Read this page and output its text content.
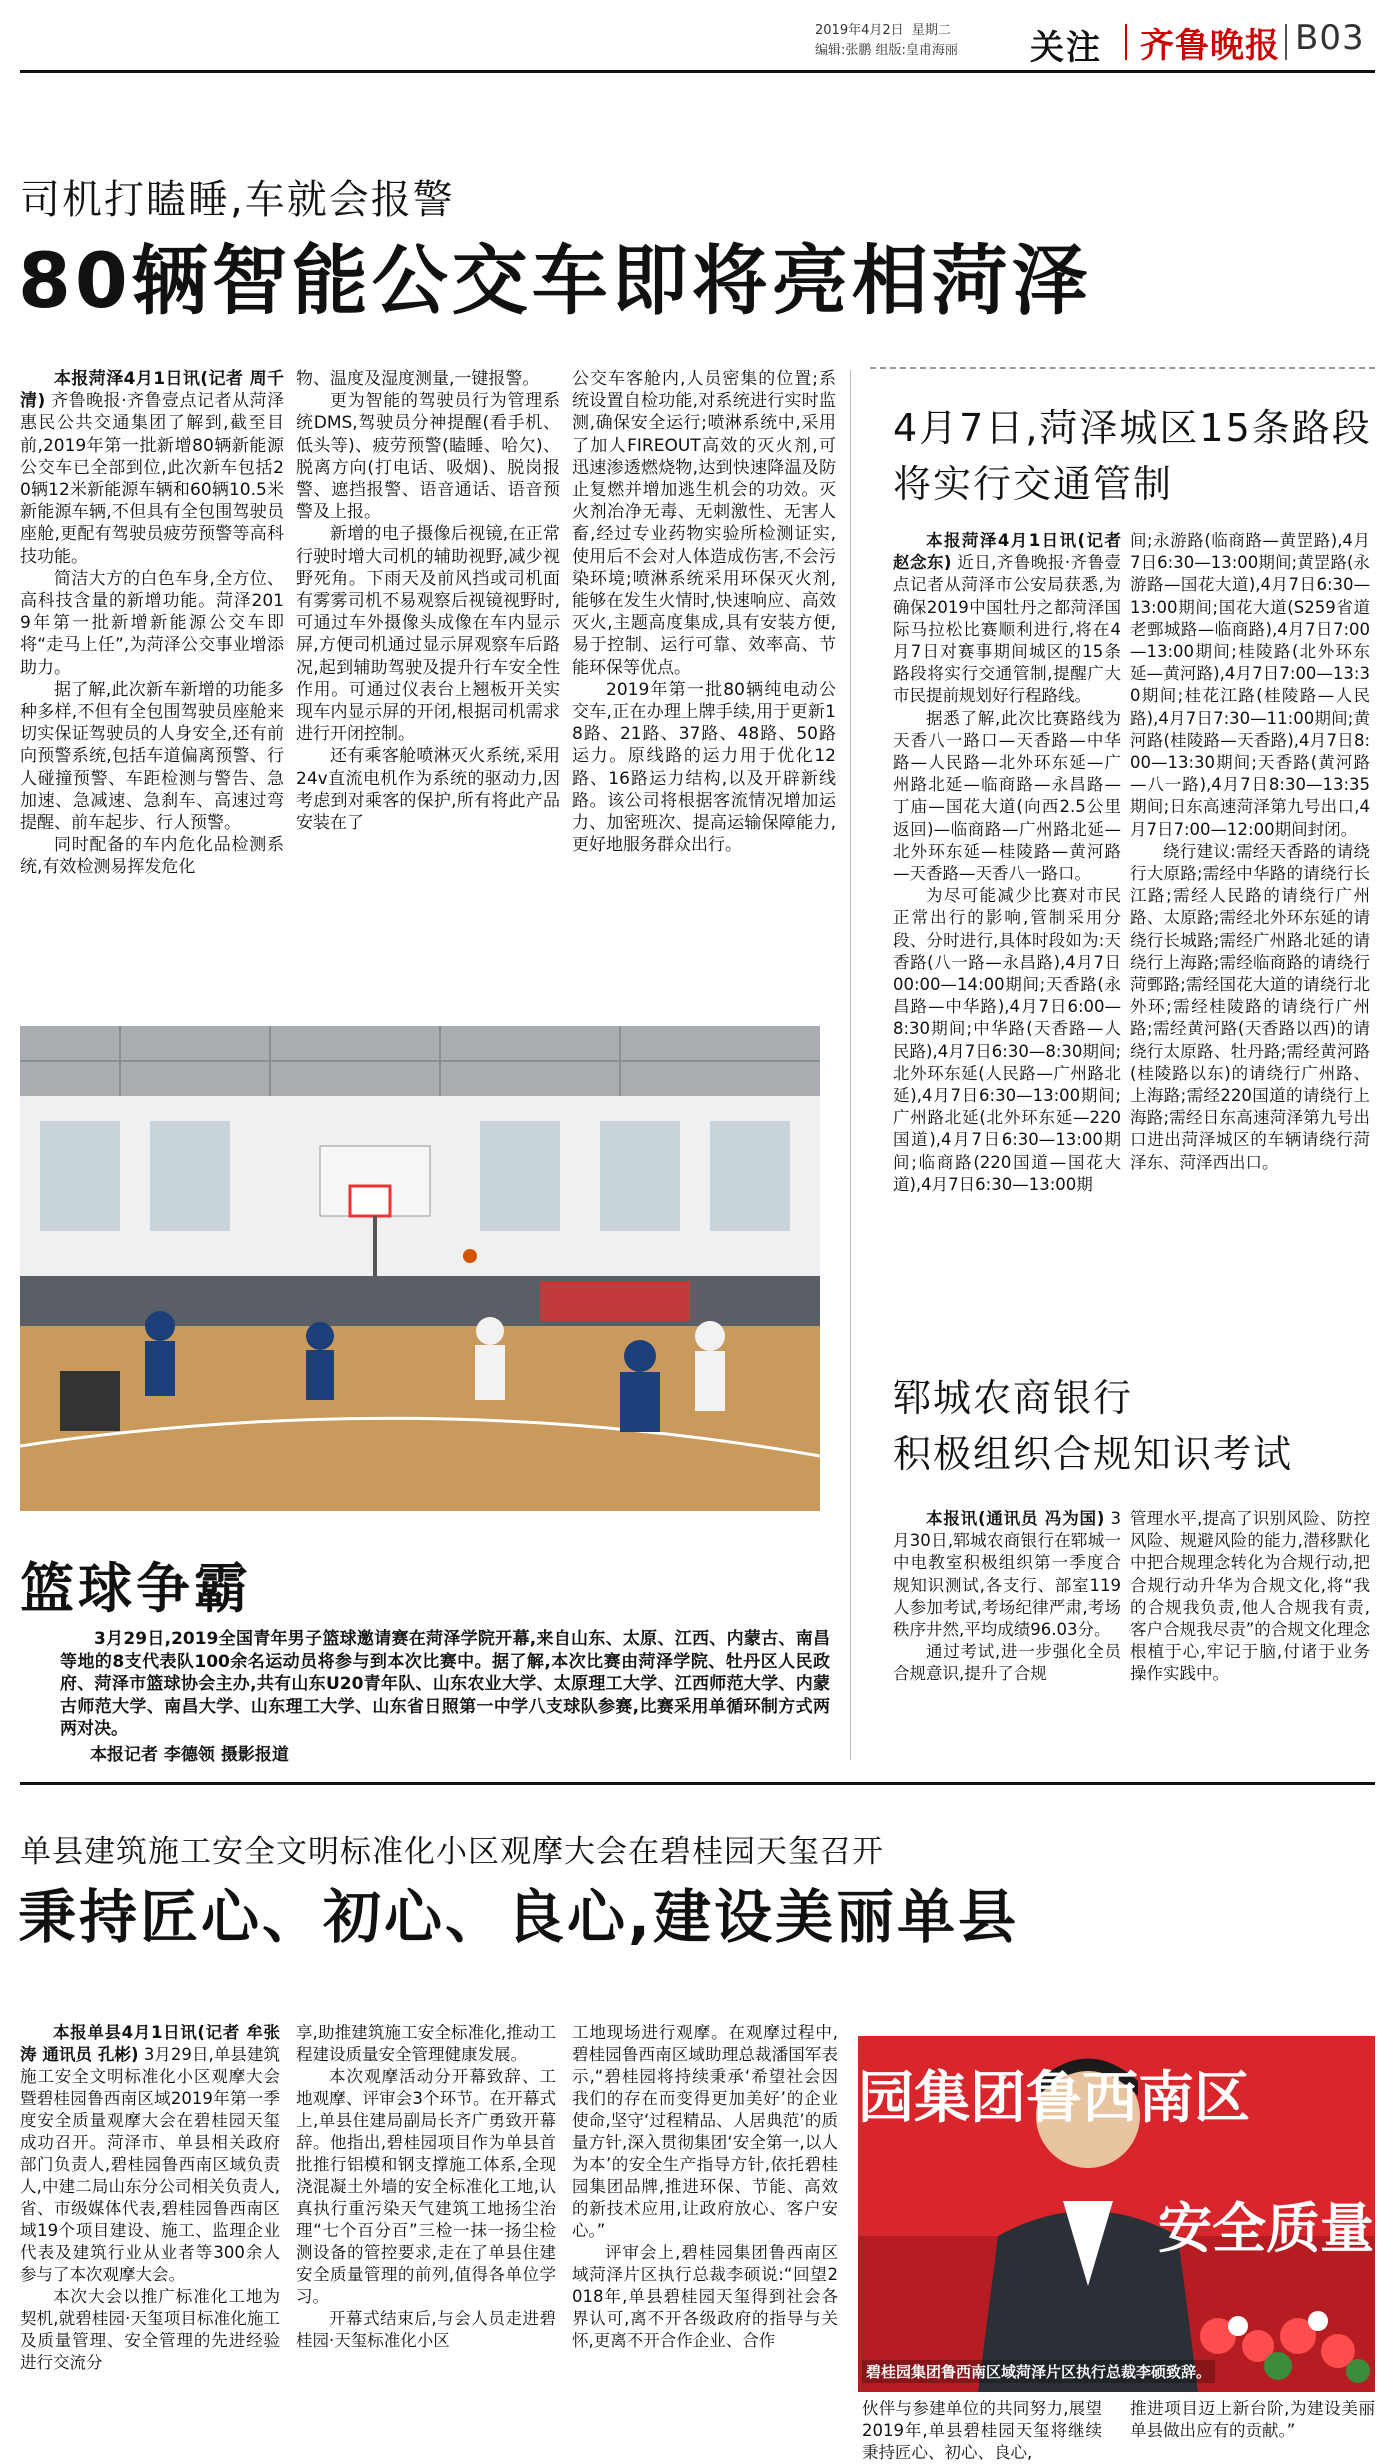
2019年4月2日 星期二
编辑:张鹏 组版:皇甫海丽 关注 齐鲁晚报 B03
司机打瞌睡,车就会报警
80辆智能公交车即将亮相菏泽

本报菏泽4月1日讯(记者 周千清) 齐鲁晚报·齐鲁壹点记者从菏泽惠民公共交通集团了解到,截至目前,2019年第一批新增80辆新能源公交车已全部到位,此次新车包括20辆12米新能源车辆和60辆10.5米新能源车辆,不但具有全包围驾驶员座舱,更配有驾驶员疲劳预警等高科技功能。

简洁大方的白色车身,全方位、高科技含量的新增功能。菏泽2019年第一批新增新能源公交车即将“走马上任”,为菏泽公交事业增添助力。

据了解,此次新车新增的功能多种多样,不但有全包围驾驶员座舱来切实保证驾驶员的人身安全,还有前向预警系统,包括车道偏离预警、行人碰撞预警、车距检测与警告、急加速、急减速、急刹车、高速过弯提醒、前车起步、行人预警。

同时配备的车内危化品检测系统,有效检测易挥发危化

物、温度及湿度测量,一键报警。

更为智能的驾驶员行为管理系统DMS,驾驶员分神提醒(看手机、低头等)、疲劳预警(瞌睡、哈欠)、脱离方向(打电话、吸烟)、脱岗报警、遮挡报警、语音通话、语音预警及上报。

新增的电子摄像后视镜,在正常行驶时增大司机的辅助视野,减少视野死角。下雨天及前风挡或司机面有雾雾司机不易观察后视镜视野时,可通过车外摄像头成像在车内显示屏,方便司机通过显示屏观察车后路况,起到辅助驾驶及提升行车安全性作用。可通过仪表台上翘板开关实现车内显示屏的开闭,根据司机需求进行开闭控制。

还有乘客舱喷淋灭火系统,采用24v直流电机作为系统的驱动力,因考虑到对乘客的保护,所有将此产品安装在了

公交车客舱内,人员密集的位置;系统设置自检功能,对系统进行实时监测,确保安全运行;喷淋系统中,采用了加人FIREOUT高效的灭火剂,可迅速渗透燃烧物,达到快速降温及防止复燃并增加逃生机会的功效。灭火剂冶净无毒、无刺激性、无害人畜,经过专业药物实验所检测证实,使用后不会对人体造成伤害,不会污染环境;喷淋系统采用环保灭火剂,能够在发生火情时,快速响应、高效灭火,主题高度集成,具有安装方便,易于控制、运行可靠、效率高、节能环保等优点。

2019年第一批80辆纯电动公交车,正在办理上牌手续,用于更新18路、21路、37路、48路、50路运力。原线路的运力用于优化12路、16路运力结构,以及开辟新线路。该公司将根据客流情况增加运力、加密班次、提高运输保障能力,更好地服务群众出行。

4月7日,菏泽城区15条路段
将实行交通管制

本报菏泽4月1日讯(记者 赵念东) 近日,齐鲁晚报·齐鲁壹点记者从菏泽市公安局获悉,为确保2019中国牡丹之都菏泽国际马拉松比赛顺利进行,将在4月7日对赛事期间城区的15条路段将实行交通管制,提醒广大市民提前规划好行程路线。

据悉了解,此次比赛路线为天香八一路口—天香路—中华路—人民路—北外环东延—广州路北延—临商路—永昌路—丁庙—国花大道(向西2.5公里返回)—临商路—广州路北延—北外环东延—桂陵路—黄河路—天香路—天香八一路口。

为尽可能减少比赛对市民正常出行的影响,管制采用分段、分时进行,具体时段如为:天香路(八一路—永昌路),4月7日00:00—14:00期间;天香路(永昌路—中华路),4月7日6:00—8:30期间;中华路(天香路—人民路),4月7日6:30—8:30期间;北外环东延(人民路—广州路北延),4月7日6:30—13:00期间;广州路北延(北外环东延—220国道),4月7日6:30—13:00期间;临商路(220国道—国花大道),4月7日6:30—13:00期

间;永游路(临商路—黄罡路),4月7日6:30—13:00期间;黄罡路(永游路—国花大道),4月7日6:30—13:00期间;国花大道(S259省道老鄄城路—临商路),4月7日7:00—13:00期间;桂陵路(北外环东延—黄河路),4月7日7:00—13:30期间;桂花江路(桂陵路—人民路),4月7日7:30—11:00期间;黄河路(桂陵路—天香路),4月7日8:00—13:30期间;天香路(黄河路—八一路),4月7日8:30—13:35期间;日东高速菏泽第九号出口,4月7日7:00—12:00期间封闭。

绕行建议:需经天香路的请绕行大原路;需经中华路的请绕行长江路;需经人民路的请绕行广州路、太原路;需经北外环东延的请绕行长城路;需经广州路北延的请绕行上海路;需经临商路的请绕行菏鄄路;需经国花大道的请绕行北外环;需经桂陵路的请绕行广州路;需经黄河路(天香路以西)的请绕行太原路、牡丹路;需经黄河路(桂陵路以东)的请绕行广州路、上海路;需经220国道的请绕行上海路;需经日东高速菏泽第九号出口进出菏泽城区的车辆请绕行菏泽东、菏泽西出口。

郓城农商银行
积极组织合规知识考试

本报讯(通讯员 冯为国) 3月30日,郓城农商银行在郓城一中电教室积极组织第一季度合规知识测试,各支行、部室119人参加考试,考场纪律严肃,考场秩序井然,平均成绩96.03分。

通过考试,进一步强化全员合规意识,提升了合规

管理水平,提高了识别风险、防控风险、规避风险的能力,潜移默化中把合规理念转化为合规行动,把合规行动升华为合规文化,将“我的合规我负责,他人合规我有责,客户合规我尽责”的合规文化理念根植于心,牢记于脑,付诸于业务操作实践中。

篮球争霸
3月29日,2019全国青年男子篮球邀请赛在菏泽学院开幕,来自山东、太原、江西、内蒙古、南昌等地的8支代表队100余名运动员将参与到本次比赛中。据了解,本次比赛由菏泽学院、牡丹区人民政府、菏泽市篮球协会主办,共有山东U20青年队、山东农业大学、太原理工大学、江西师范大学、内蒙古师范大学、南昌大学、山东理工大学、山东省日照第一中学八支球队参赛,比赛采用单循环制方式两两对决。
本报记者 李德领 摄影报道
单县建筑施工安全文明标准化小区观摩大会在碧桂园天玺召开
秉持匠心、初心、良心,建设美丽单县

本报单县4月1日讯(记者 牟张涛 通讯员 孔彬) 3月29日,单县建筑施工安全文明标准化小区观摩大会暨碧桂园鲁西南区域2019年第一季度安全质量观摩大会在碧桂园天玺成功召开。菏泽市、单县相关政府部门负责人,碧桂园鲁西南区域负责人,中建二局山东分公司相关负责人,省、市级媒体代表,碧桂园鲁西南区域19个项目建设、施工、监理企业代表及建筑行业从业者等300余人参与了本次观摩大会。

本次大会以推广标准化工地为契机,就碧桂园·天玺项目标准化施工及质量管理、安全管理的先进经验进行交流分

享,助推建筑施工安全标准化,推动工程建设质量安全管理健康发展。

本次观摩活动分开幕致辞、工地观摩、评审会3个环节。在开幕式上,单县住建局副局长齐广勇致开幕辞。他指出,碧桂园项目作为单县首批推行铝模和钢支撑施工体系,全现浇混凝土外墙的安全标准化工地,认真执行重污染天气建筑工地扬尘治理“七个百分百”三检一抹一扬尘检测设备的管控要求,走在了单县住建安全质量管理的前列,值得各单位学习。

开幕式结束后,与会人员走进碧桂园·天玺标准化小区

工地现场进行观摩。在观摩过程中,碧桂园鲁西南区域助理总裁潘国军表示,“碧桂园将持续秉承‘希望社会因我们的存在而变得更加美好’的企业使命,坚守‘过程精品、人居典范’的质量方针,深入贯彻集团‘安全第一,以人为本’的安全生产指导方针,依托碧桂园集团品牌,推进环保、节能、高效的新技术应用,让政府放心、客户安心。”

评审会上,碧桂园集团鲁西南区域菏泽片区执行总裁李硕说:“回望2018年,单县碧桂园天玺得到社会各界认可,离不开各级政府的指导与关怀,更离不开合作企业、合作

园集团鲁西南区
安全质量
碧桂园集团鲁西南区域菏泽片区执行总裁李硕致辞。

伙伴与参建单位的共同努力,展望2019年,单县碧桂园天玺将继续秉持匠心、初心、良心,

推进项目迈上新台阶,为建设美丽单县做出应有的贡献。”
